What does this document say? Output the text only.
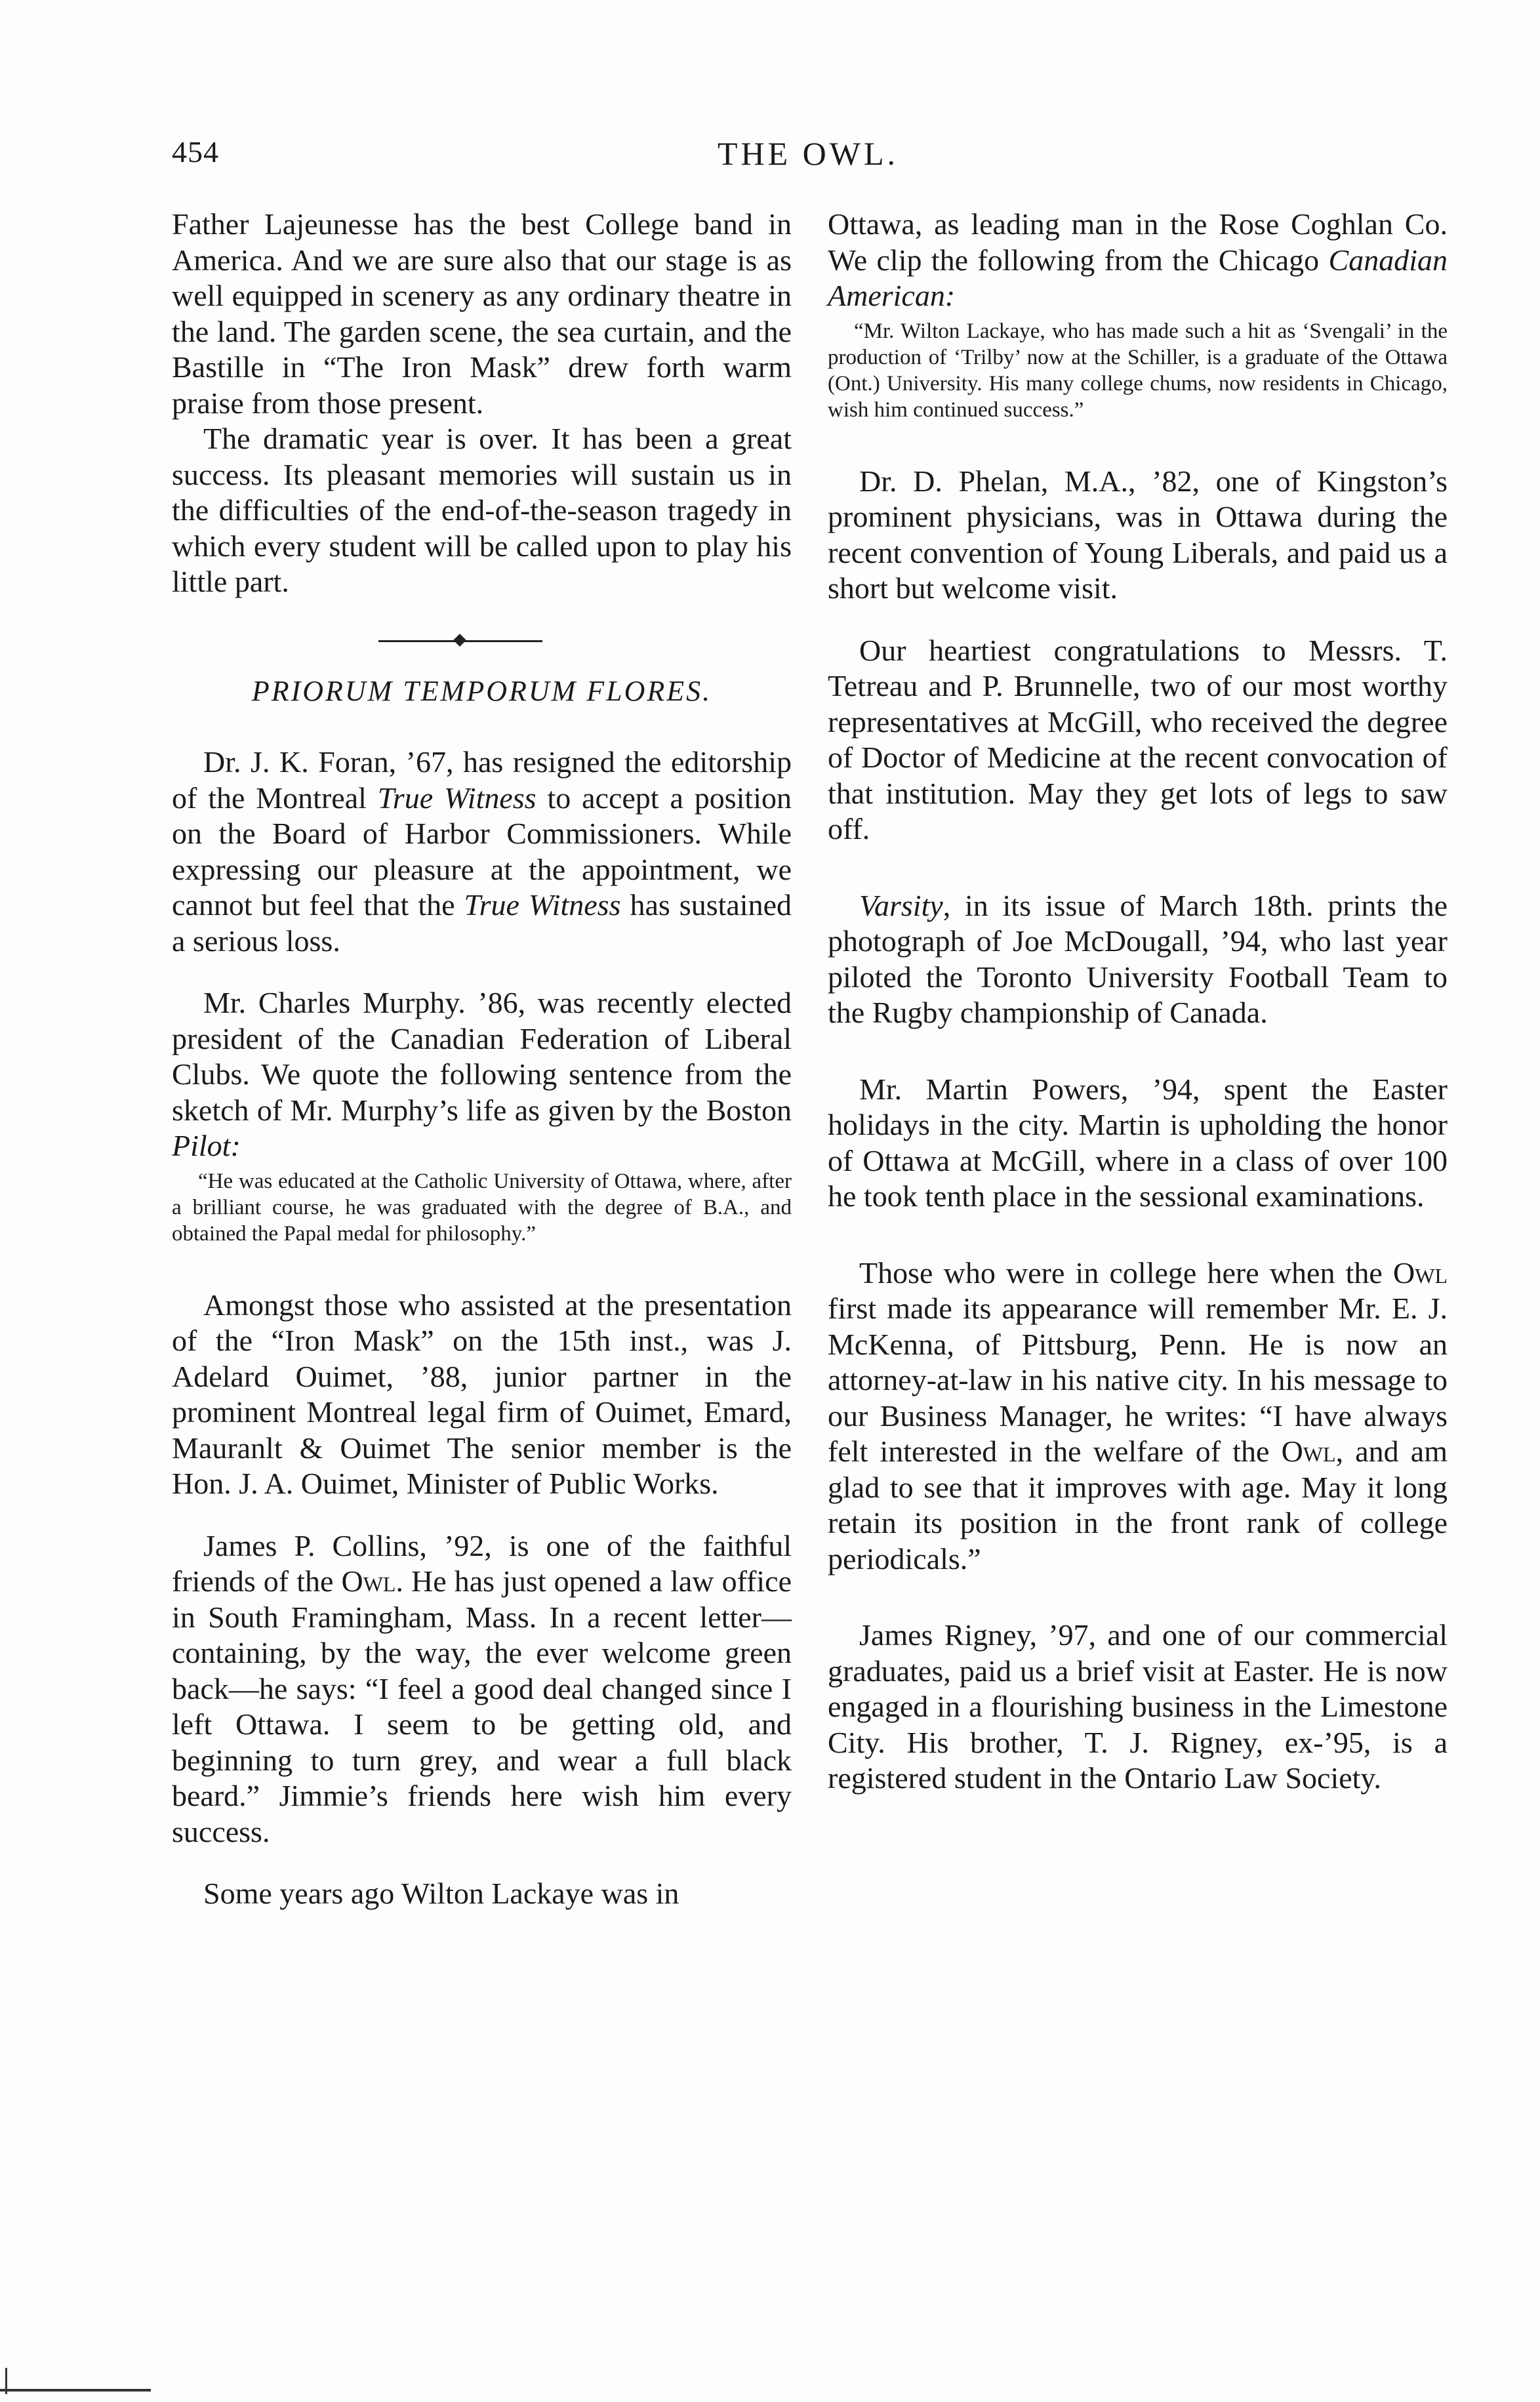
454	THE OWL.

Father Lajeunesse has the best College band in America. And we are sure also that our stage is as well equipped in scenery as any ordinary theatre in the land. The garden scene, the sea curtain, and the Bastille in “The Iron Mask” drew forth warm praise from those present.

The dramatic year is over. It has been a great success. Its pleasant memories will sustain us in the difficulties of the end-of-the-season tragedy in which every student will be called upon to play his little part.

PRIORUM TEMPORUM FLORES.

Dr. J. K. Foran, ’67, has resigned the editorship of the Montreal True Witness to accept a position on the Board of Harbor Commissioners. While expressing our pleasure at the appointment, we cannot but feel that the True Witness has sustained a serious loss.

Mr. Charles Murphy. ’86, was recently elected president of the Canadian Federation of Liberal Clubs. We quote the following sentence from the sketch of Mr. Murphy’s life as given by the Boston Pilot:

“He was educated at the Catholic University of Ottawa, where, after a brilliant course, he was graduated with the degree of B.A., and obtained the Papal medal for philosophy.”

Amongst those who assisted at the presentation of the “Iron Mask” on the 15th inst., was J. Adelard Ouimet, ’88, junior partner in the prominent Montreal legal firm of Ouimet, Emard, Mauranlt & Ouimet The senior member is the Hon. J. A. Ouimet, Minister of Public Works.

James P. Collins, ’92, is one of the faithful friends of the Owl. He has just opened a law office in South Framingham, Mass. In a recent letter—containing, by the way, the ever welcome green back—he says: “I feel a good deal changed since I left Ottawa. I seem to be getting old, and beginning to turn grey, and wear a full black beard.” Jimmie’s friends here wish him every success.

Some years ago Wilton Lackaye was in

Ottawa, as leading man in the Rose Coghlan Co. We clip the following from the Chicago Canadian American:

“Mr. Wilton Lackaye, who has made such a hit as ‘Svengali’ in the production of ‘Trilby’ now at the Schiller, is a graduate of the Ottawa (Ont.) University. His many college chums, now residents in Chicago, wish him continued success.”

Dr. D. Phelan, M.A., ’82, one of Kingston’s prominent physicians, was in Ottawa during the recent convention of Young Liberals, and paid us a short but welcome visit.

Our heartiest congratulations to Messrs. T. Tetreau and P. Brunnelle, two of our most worthy representatives at McGill, who received the degree of Doctor of Medicine at the recent convocation of that institution. May they get lots of legs to saw off.

Varsity, in its issue of March 18th. prints the photograph of Joe McDougall, ’94, who last year piloted the Toronto University Football Team to the Rugby championship of Canada.

Mr. Martin Powers, ’94, spent the Easter holidays in the city. Martin is upholding the honor of Ottawa at McGill, where in a class of over 100 he took tenth place in the sessional examinations.

Those who were in college here when the Owl first made its appearance will remember Mr. E. J. McKenna, of Pittsburg, Penn. He is now an attorney-at-law in his native city. In his message to our Business Manager, he writes: “I have always felt interested in the welfare of the Owl, and am glad to see that it improves with age. May it long retain its position in the front rank of college periodicals.”

James Rigney, ’97, and one of our commercial graduates, paid us a brief visit at Easter. He is now engaged in a flourishing business in the Limestone City. His brother, T. J. Rigney, ex-’95, is a registered student in the Ontario Law Society.
